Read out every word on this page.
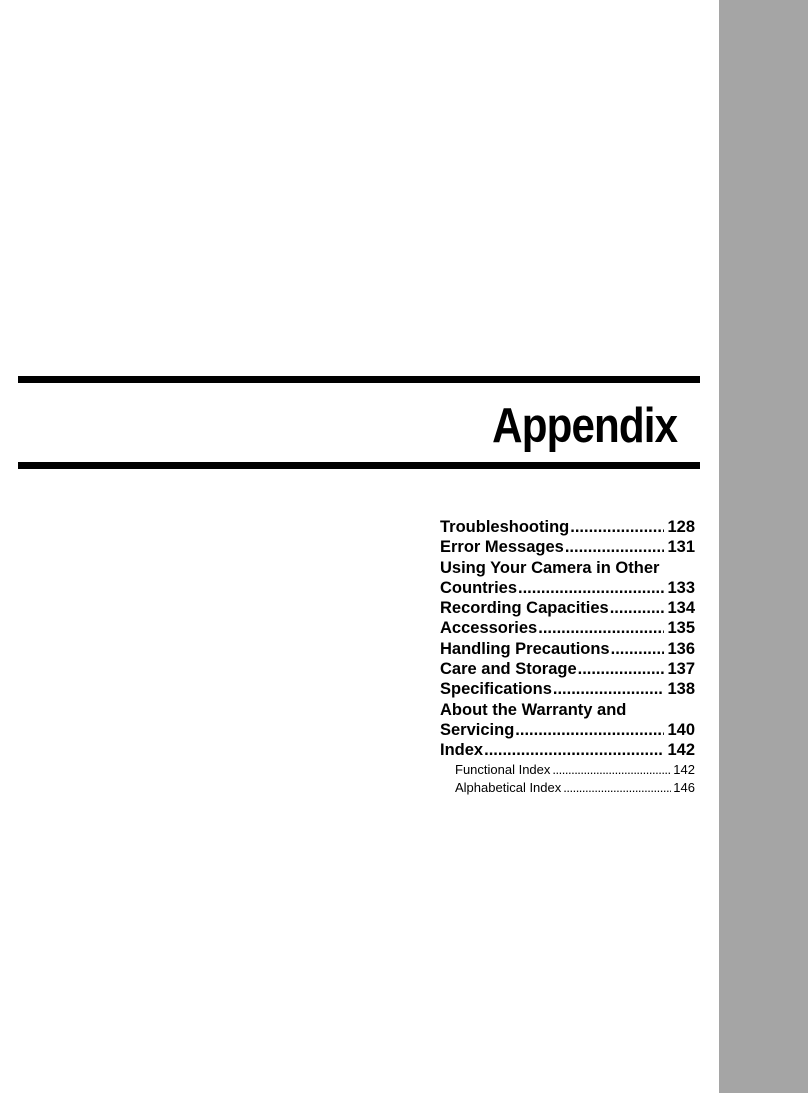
Appendix
Troubleshooting .....	128
Error Messages .....	131
Using Your Camera in Other
Countries .....	133
Recording Capacities .....	134
Accessories .....	135
Handling Precautions .....	136
Care and Storage .....	137
Specifications .....	138
About the Warranty and
Servicing .....	140
Index .....	142
Functional Index .....	142
Alphabetical Index .....	146
